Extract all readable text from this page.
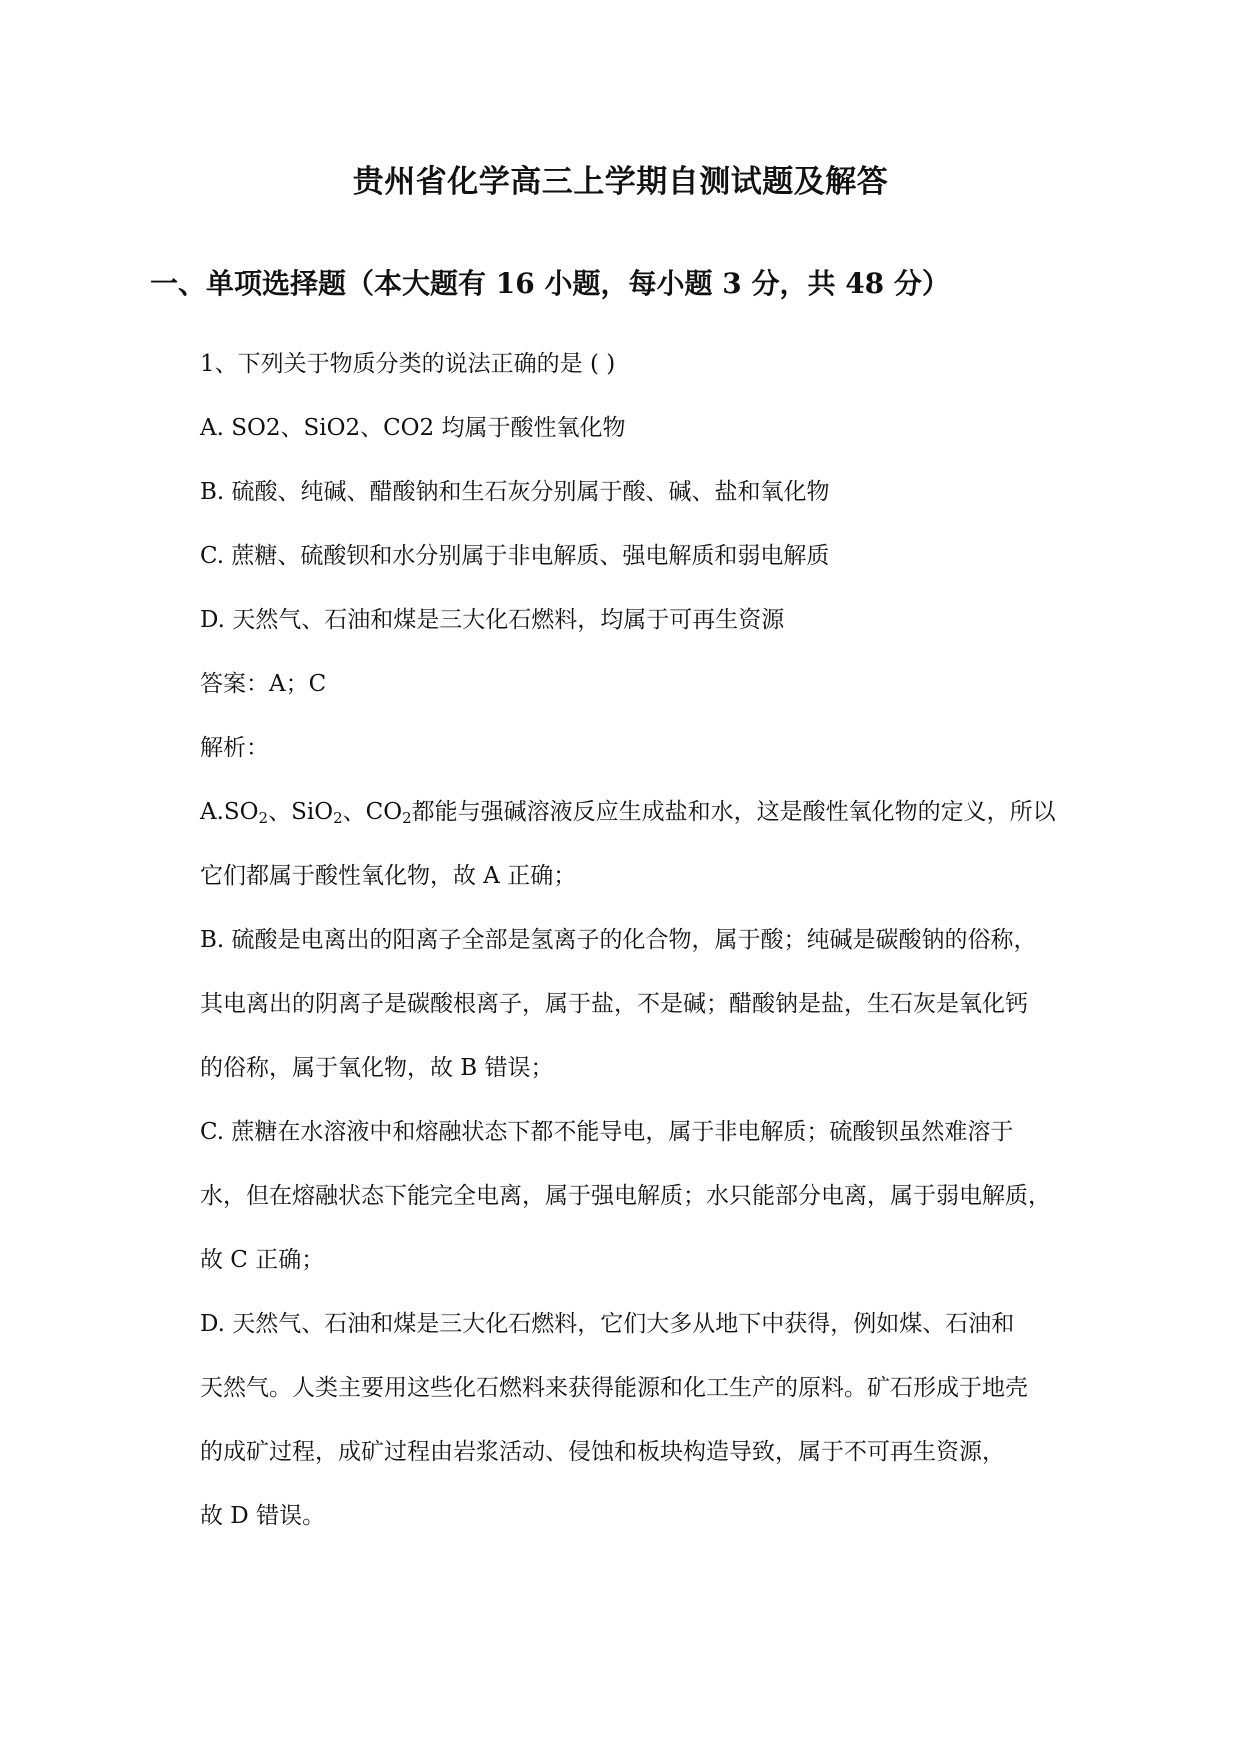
贵州省化学高三上学期自测试题及解答
一、单项选择题（本大题有 16 小题，每小题 3 分，共 48 分）
1、下列关于物质分类的说法正确的是 ( )
A. SO2、SiO2、CO2 均属于酸性氧化物
B. 硫酸、纯碱、醋酸钠和生石灰分别属于酸、碱、盐和氧化物
C. 蔗糖、硫酸钡和水分别属于非电解质、强电解质和弱电解质
D. 天然气、石油和煤是三大化石燃料，均属于可再生资源
答案：A；C
解析：
$A.SO_2$、SiO$_2$、$CO_2$都能与强碱溶液反应生成盐和水，这是酸性氧化物的定义，所以
它们都属于酸性氧化物，故 A 正确；
B. 硫酸是电离出的阳离子全部是氢离子的化合物，属于酸；纯碱是碳酸钠的俗称，
其电离出的阴离子是碳酸根离子，属于盐，不是碱；醋酸钠是盐，生石灰是氧化钙
的俗称，属于氧化物，故 B 错误；
C. 蔗糖在水溶液中和熔融状态下都不能导电，属于非电解质；硫酸钡虽然难溶于
水，但在熔融状态下能完全电离，属于强电解质；水只能部分电离，属于弱电解质，
故 C 正确；
D. 天然气、石油和煤是三大化石燃料，它们大多从地下中获得，例如煤、石油和
天然气。人类主要用这些化石燃料来获得能源和化工生产的原料。矿石形成于地壳
的成矿过程，成矿过程由岩浆活动、侵蚀和板块构造导致，属于不可再生资源，
故 D 错误。
